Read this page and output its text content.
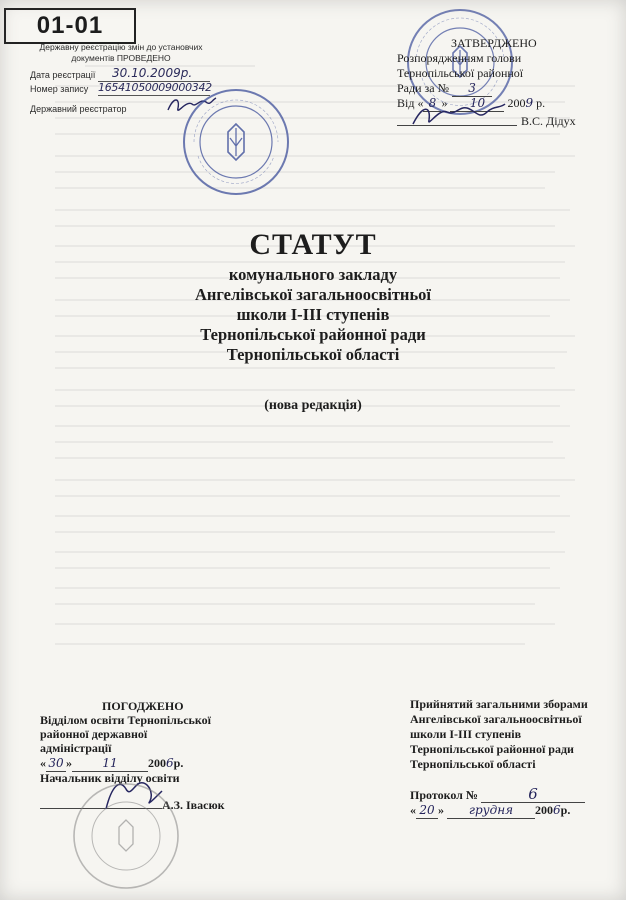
01-01
Державну реєстрацію змін до установчих
документів ПРОВЕДЕНО
Дата реєстрації 30.10.2009р.
Номер запису 16541050009000342
Державний реєстратор
ЗАТВЕРДЖЕНО
Розпорядженням голови
Тернопільської районної
Ради за № 3
Від « 8 » 10 2009 р.
В.С. Дідух
СТАТУТ
комунального закладу
Ангелівської загальноосвітньої
школи І-ІІІ ступенів
Тернопільської районної ради
Тернопільської області
(нова редакція)
ПОГОДЖЕНО
Відділом освіти Тернопільської
районної державної
адміністрації
« 30 »	11	2006р.
Начальник відділу освіти
А.З. Івасюк
Прийнятий загальними зборами
Ангелівської загальноосвітньої
школи І-ІІІ ступенів
Тернопільської районної ради
Тернопільської області
Протокол №	6
« 20 » грудня 2006р.
